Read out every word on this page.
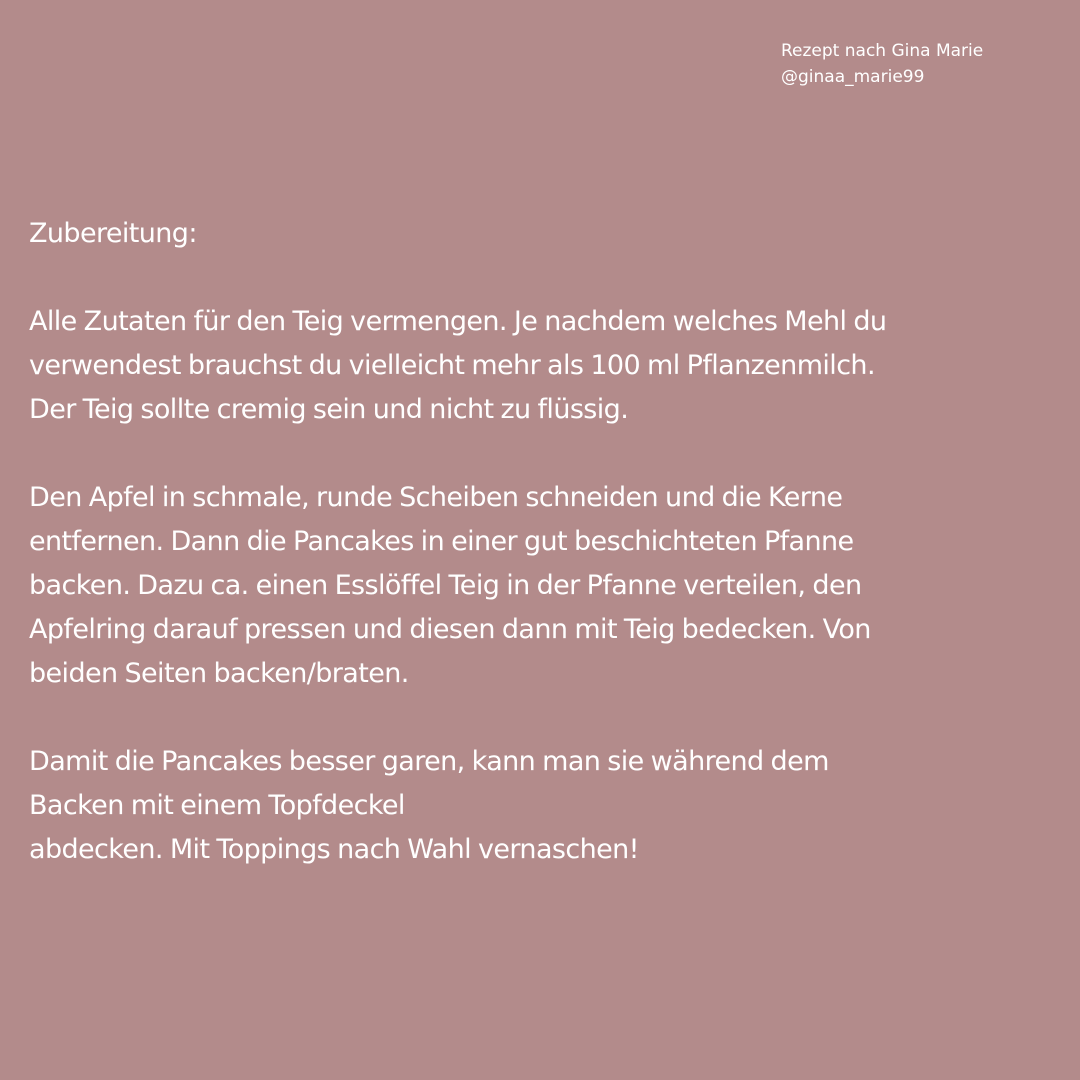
Rezept nach Gina Marie
@ginaa_marie99

Zubereitung:

Alle Zutaten für den Teig vermengen. Je nachdem welches Mehl du
verwendest brauchst du vielleicht mehr als 100 ml Pflanzenmilch.
Der Teig sollte cremig sein und nicht zu flüssig.

Den Apfel in schmale, runde Scheiben schneiden und die Kerne
entfernen. Dann die Pancakes in einer gut beschichteten Pfanne
backen. Dazu ca. einen Esslöffel Teig in der Pfanne verteilen, den
Apfelring darauf pressen und diesen dann mit Teig bedecken. Von
beiden Seiten backen/braten.

Damit die Pancakes besser garen, kann man sie während dem
Backen mit einem Topfdeckel
abdecken. Mit Toppings nach Wahl vernaschen!
